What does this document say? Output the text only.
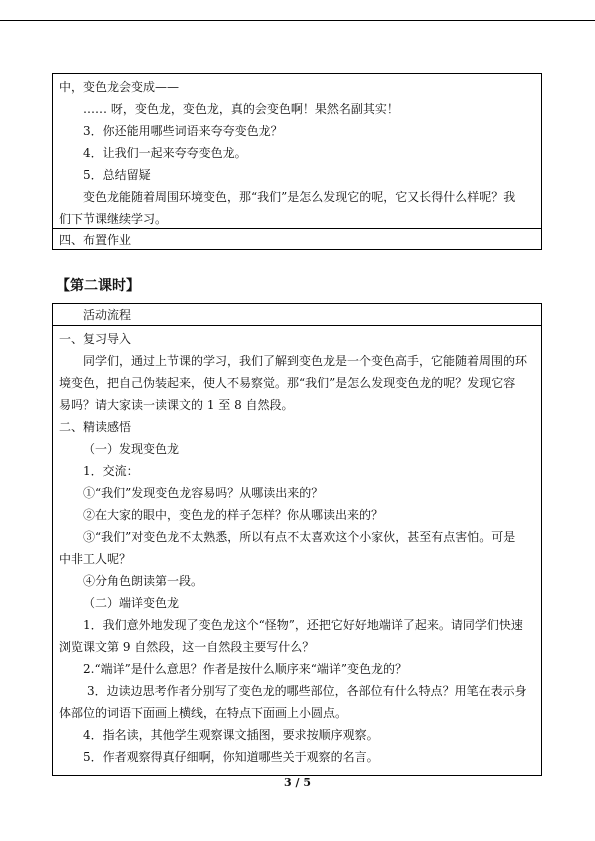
中，变色龙会变成——
…… 呀，变色龙，变色龙，真的会变色啊！果然名副其实！
3．你还能用哪些词语来夸夸变色龙？
4．让我们一起来夸夸变色龙。
5．总结留疑
变色龙能随着周围环境变色，那“我们”是怎么发现它的呢，它又长得什么样呢？我
们下节课继续学习。
四、布置作业
【第二课时】
活动流程
一、复习导入
同学们，通过上节课的学习，我们了解到变色龙是一个变色高手，它能随着周围的环
境变色，把自己伪装起来，使人不易察觉。那“我们”是怎么发现变色龙的呢？发现它容
易吗？请大家读一读课文的 1 至 8 自然段。
二、精读感悟
（一）发现变色龙
1．交流：
①“我们”发现变色龙容易吗？从哪读出来的？
②在大家的眼中，变色龙的样子怎样？你从哪读出来的？
③“我们”对变色龙不太熟悉，所以有点不太喜欢这个小家伙，甚至有点害怕。可是
中非工人呢？
④分角色朗读第一段。
（二）端详变色龙
1．我们意外地发现了变色龙这个“怪物”，还把它好好地端详了起来。请同学们快速
浏览课文第 9 自然段，这一自然段主要写什么？
2.“端详”是什么意思？作者是按什么顺序来“端详”变色龙的？
3．边读边思考作者分别写了变色龙的哪些部位，各部位有什么特点？用笔在表示身
体部位的词语下面画上横线，在特点下面画上小圆点。
4．指名读，其他学生观察课文插图，要求按顺序观察。
5．作者观察得真仔细啊，你知道哪些关于观察的名言。
3 / 5
